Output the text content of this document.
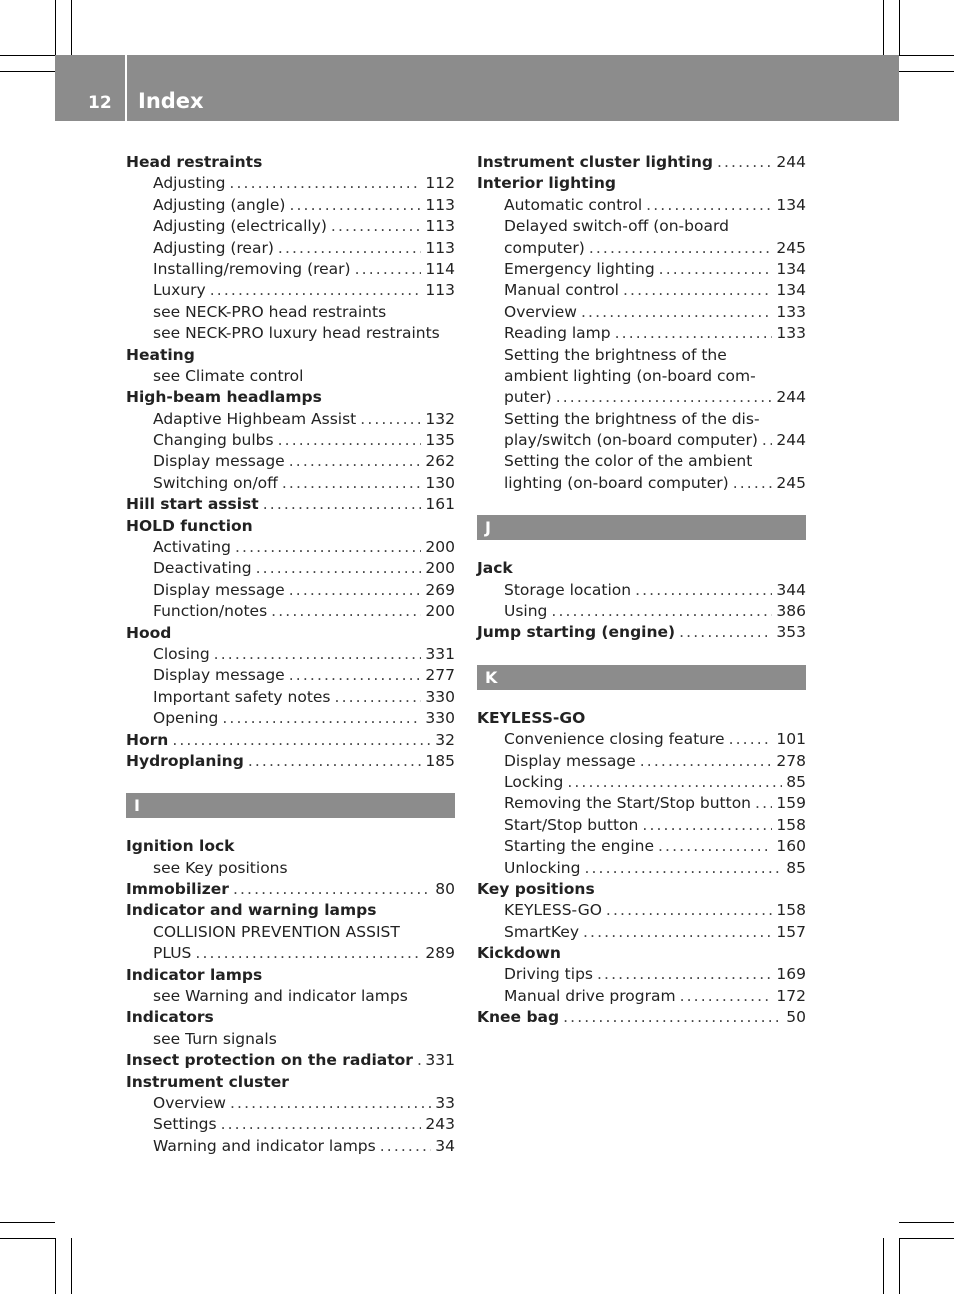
12 Index
Head restraints
Adjusting . . .	112
Adjusting (angle) . . .	113
Adjusting (electrically) . . .	113
Adjusting (rear) . . .	113
Installing/removing (rear) . . .	114
Luxury . . .	113
see NECK-PRO head restraints
see NECK-PRO luxury head restraints
Heating
see Climate control
High-beam headlamps
Adaptive Highbeam Assist . . .	132
Changing bulbs . . .	135
Display message . . .	262
Switching on/off . . .	130
Hill start assist . . .	161
HOLD function
Activating . . .	200
Deactivating . . .	200
Display message . . .	269
Function/notes . . .	200
Hood
Closing . . .	331
Display message . . .	277
Important safety notes . . .	330
Opening . . .	330
Horn . . .	32
Hydroplaning . . .	185
I
Ignition lock
see Key positions
Immobilizer . . .	80
Indicator and warning lamps
COLLISION PREVENTION ASSIST
PLUS . . .	289
Indicator lamps
see Warning and indicator lamps
Indicators
see Turn signals
Insect protection on the radiator . . . 331
Instrument cluster
Overview . . .	33
Settings . . .	243
Warning and indicator lamps . . .	34
Instrument cluster lighting . . .	244
Interior lighting
Automatic control . . .	134
Delayed switch-off (on-board
computer) . . .	245
Emergency lighting . . .	134
Manual control . . .	134
Overview . . .	133
Reading lamp . . .	133
Setting the brightness of the
ambient lighting (on-board com-
puter) . . .	244
Setting the brightness of the dis-
play/switch (on-board computer) . . . 244
Setting the color of the ambient
lighting (on-board computer) . . .	245
J
Jack
Storage location . . .	344
Using . . .	386
Jump starting (engine) . . .	353
K
KEYLESS-GO
Convenience closing feature . . .	101
Display message . . .	278
Locking . . .	85
Removing the Start/Stop button . . . 159
Start/Stop button . . .	158
Starting the engine . . .	160
Unlocking . . .	85
Key positions
KEYLESS-GO . . .	158
SmartKey . . .	157
Kickdown
Driving tips . . .	169
Manual drive program . . .	172
Knee bag . . .	50
